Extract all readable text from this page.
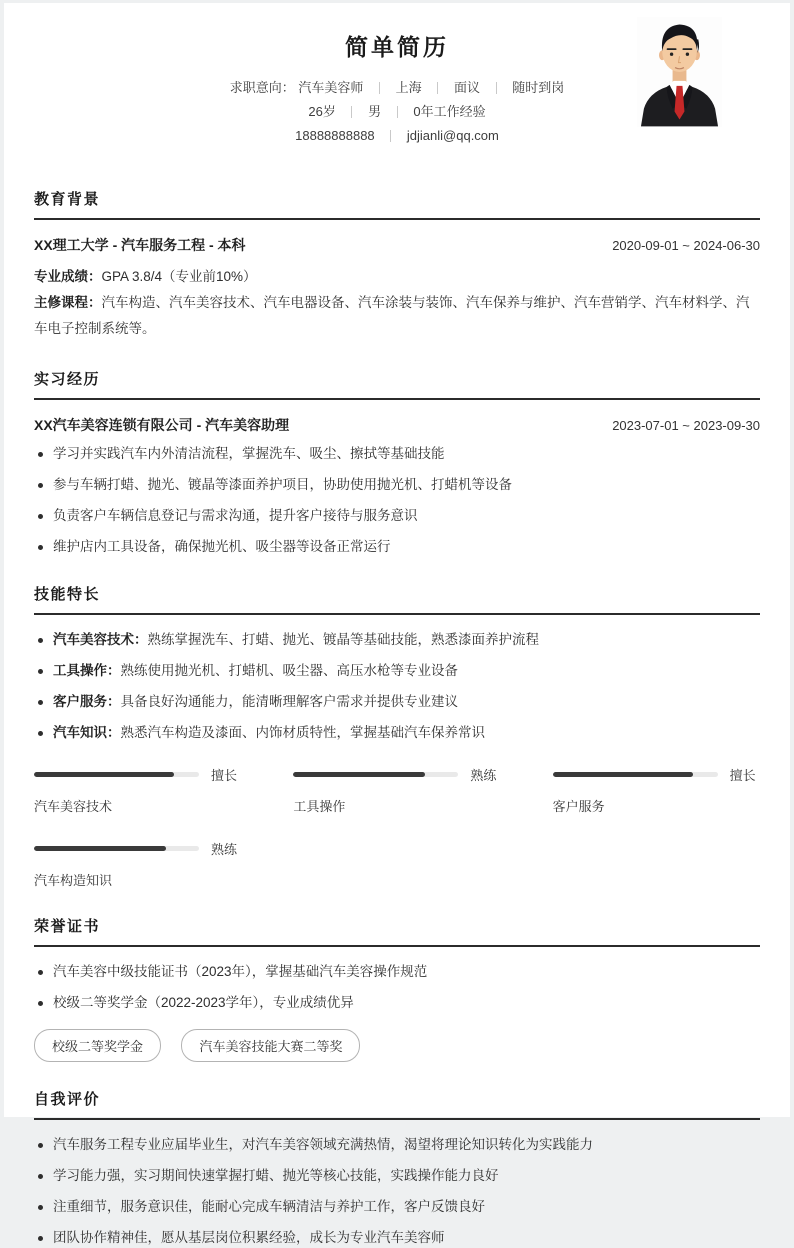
简单简历
求职意向： 汽车美容师 上海 面议 随时到岗
26岁 男 0年工作经验
18888888888 jdjianli@qq.com
教育背景
XX理工大学 - 汽车服务工程 - 本科	2020-09-01 ~ 2024-06-30
专业成绩：GPA 3.8/4（专业前10%）
主修课程：汽车构造、汽车美容技术、汽车电器设备、汽车涂装与装饰、汽车保养与维护、汽车营销学、汽车材料学、汽车电子控制系统等。
实习经历
XX汽车美容连锁有限公司 - 汽车美容助理	2023-07-01 ~ 2023-09-30
学习并实践汽车内外清洁流程，掌握洗车、吸尘、擦拭等基础技能
参与车辆打蜡、抛光、镀晶等漆面养护项目，协助使用抛光机、打蜡机等设备
负责客户车辆信息登记与需求沟通，提升客户接待与服务意识
维护店内工具设备，确保抛光机、吸尘器等设备正常运行
技能特长
汽车美容技术：熟练掌握洗车、打蜡、抛光、镀晶等基础技能，熟悉漆面养护流程
工具操作：熟练使用抛光机、打蜡机、吸尘器、高压水枪等专业设备
客户服务：具备良好沟通能力，能清晰理解客户需求并提供专业建议
汽车知识：熟悉汽车构造及漆面、内饰材质特性，掌握基础汽车保养常识
擅长
汽车美容技术
熟练
工具操作
擅长
客户服务
熟练
汽车构造知识
荣誉证书
汽车美容中级技能证书（2023年），掌握基础汽车美容操作规范
校级二等奖学金（2022-2023学年），专业成绩优异
校级二等奖学金	汽车美容技能大赛二等奖
自我评价
汽车服务工程专业应届毕业生，对汽车美容领域充满热情，渴望将理论知识转化为实践能力
学习能力强，实习期间快速掌握打蜡、抛光等核心技能，实践操作能力良好
注重细节，服务意识佳，能耐心完成车辆清洁与养护工作，客户反馈良好
团队协作精神佳，愿从基层岗位积累经验，成长为专业汽车美容师
